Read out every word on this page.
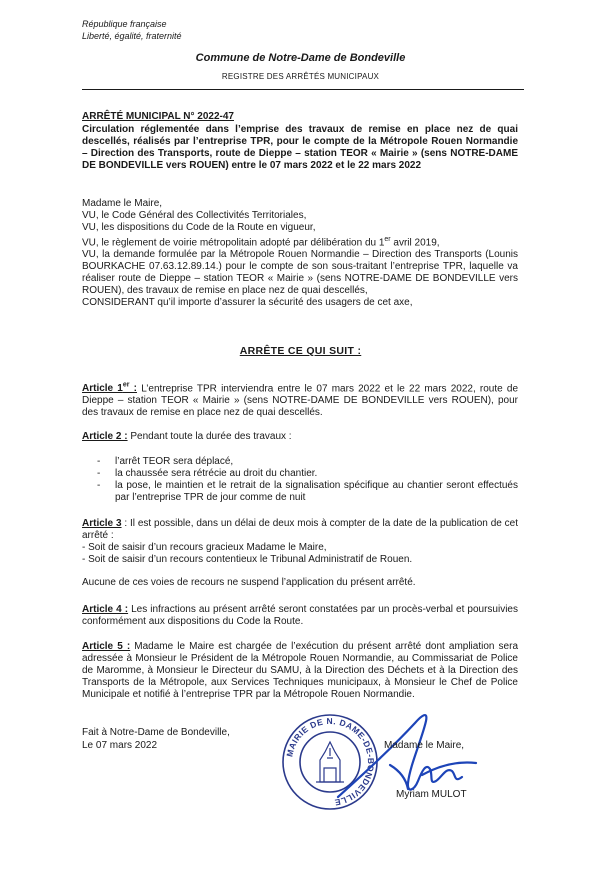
République française
Liberté, égalité, fraternité
Commune de Notre-Dame de Bondeville
REGISTRE DES ARRÊTÉS MUNICIPAUX
ARRÊTÉ MUNICIPAL N° 2022-47
Circulation réglementée dans l’emprise des travaux de remise en place nez de quai descellés, réalisés par l’entreprise TPR, pour le compte de la Métropole Rouen Normandie – Direction des Transports, route de Dieppe – station TEOR « Mairie » (sens NOTRE-DAME DE BONDEVILLE vers ROUEN) entre le 07 mars 2022 et le 22 mars 2022

Madame le Maire,

VU, le Code Général des Collectivités Territoriales,

VU, les dispositions du Code de la Route en vigueur,

VU, le règlement de voirie métropolitain adopté par délibération du 1er avril 2019,

VU, la demande formulée par la Métropole Rouen Normandie – Direction des Transports (Lounis BOURKACHE 07.63.12.89.14.) pour le compte de son sous-traitant l’entreprise TPR, laquelle va réaliser route de Dieppe – station TEOR « Mairie » (sens NOTRE-DAME DE BONDEVILLE vers ROUEN), des travaux de remise en place nez de quai descellés,

CONSIDERANT qu’il importe d’assurer la sécurité des usagers de cet axe,

ARRÊTE CE QUI SUIT :

Article 1er : L’entreprise TPR interviendra entre le 07 mars 2022 et le 22 mars 2022, route de Dieppe – station TEOR « Mairie » (sens NOTRE-DAME DE BONDEVILLE vers ROUEN), pour des travaux de remise en place nez de quai descellés.

Article 2 : Pendant toute la durée des travaux :

- l’arrêt TEOR sera déplacé,
- la chaussée sera rétrécie au droit du chantier.
- la pose, le maintien et le retrait de la signalisation spécifique au chantier seront effectués par l’entreprise TPR de jour comme de nuit

Article 3 : Il est possible, dans un délai de deux mois à compter de la date de la publication de cet arrêté :

- Soit de saisir d’un recours gracieux Madame le Maire,

- Soit de saisir d’un recours contentieux le Tribunal Administratif de Rouen.

Aucune de ces voies de recours ne suspend l’application du présent arrêté.

Article 4 : Les infractions au présent arrêté seront constatées par un procès-verbal et poursuivies conformément aux dispositions du Code la Route.

Article 5 : Madame le Maire est chargée de l’exécution du présent arrêté dont ampliation sera adressée à Monsieur le Président de la Métropole Rouen Normandie, au Commissariat de Police de Maromme, à Monsieur le Directeur du SAMU, à la Direction des Déchets et à la Direction des Transports de la Métropole, aux Services Techniques municipaux, à Monsieur le Chef de Police Municipale et notifié à l’entreprise TPR par la Métropole Rouen Normandie.

Fait à Notre-Dame de Bondeville,
Le 07 mars 2022
MAIRIE DE N. DAME-DE-BONDEVILLE
Madame le Maire,
Myriam MULOT
